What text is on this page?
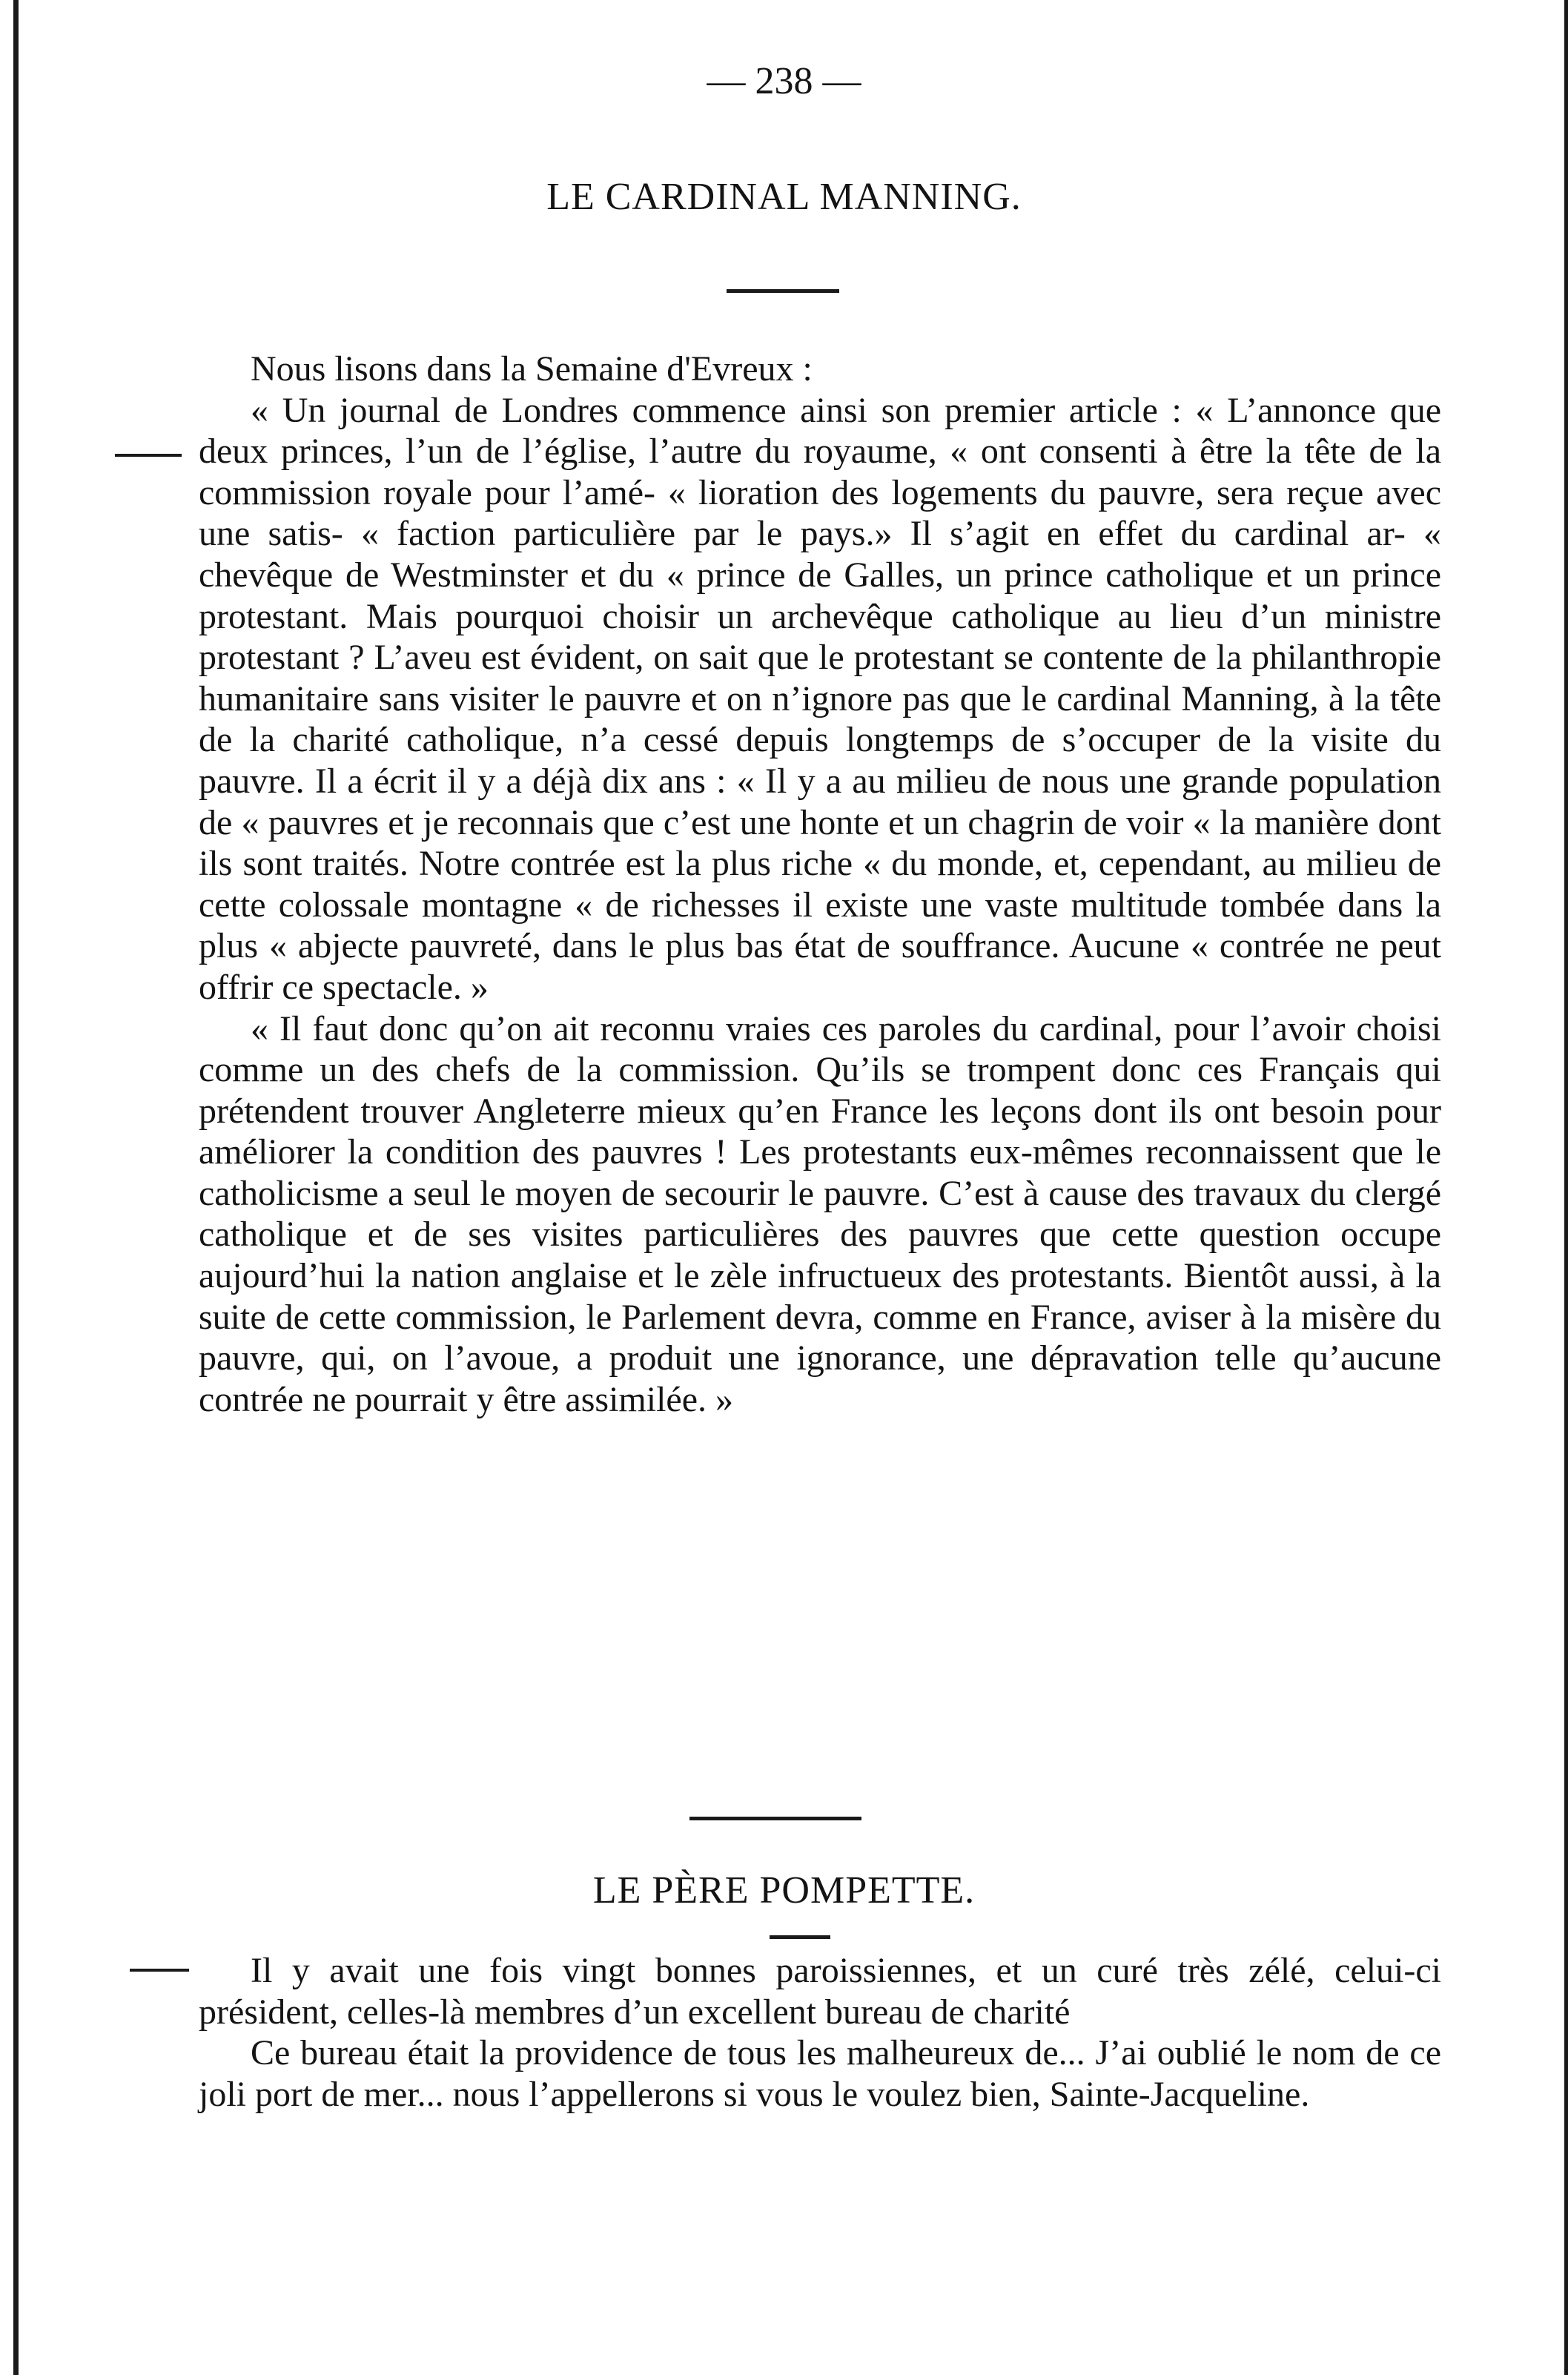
— 238 —
LE CARDINAL MANNING.

Nous lisons dans la Semaine d'Evreux :

« Un journal de Londres commence ainsi son premier article : « L’annonce que deux princes, l’un de l’église, l’autre du royaume, « ont consenti à être la tête de la commission royale pour l’amé- « lioration des logements du pauvre, sera reçue avec une satis- « faction particulière par le pays.» Il s’agit en effet du cardinal ar- « chevêque de Westminster et du « prince de Galles, un prince catholique et un prince protestant. Mais pourquoi choisir un archevêque catholique au lieu d’un ministre protestant ? L’aveu est évident, on sait que le protestant se contente de la philanthropie humanitaire sans visiter le pauvre et on n’ignore pas que le cardinal Manning, à la tête de la charité catholique, n’a cessé depuis longtemps de s’occuper de la visite du pauvre. Il a écrit il y a déjà dix ans : « Il y a au milieu de nous une grande population de « pauvres et je reconnais que c’est une honte et un chagrin de voir « la manière dont ils sont traités. Notre contrée est la plus riche « du monde, et, cependant, au milieu de cette colossale montagne « de richesses il existe une vaste multitude tombée dans la plus « abjecte pauvreté, dans le plus bas état de souffrance. Aucune « contrée ne peut offrir ce spectacle. »

« Il faut donc qu’on ait reconnu vraies ces paroles du cardinal, pour l’avoir choisi comme un des chefs de la commission. Qu’ils se trompent donc ces Français qui prétendent trouver Angleterre mieux qu’en France les leçons dont ils ont besoin pour améliorer la condition des pauvres ! Les protestants eux-mêmes reconnaissent que le catholicisme a seul le moyen de secourir le pauvre. C’est à cause des travaux du clergé catholique et de ses visites particulières des pauvres que cette question occupe aujourd’hui la nation anglaise et le zèle infructueux des protestants. Bientôt aussi, à la suite de cette commission, le Parlement devra, comme en France, aviser à la misère du pauvre, qui, on l’avoue, a produit une ignorance, une dépravation telle qu’aucune contrée ne pourrait y être assimilée. »

LE PÈRE POMPETTE.

Il y avait une fois vingt bonnes paroissiennes, et un curé très zélé, celui-ci président, celles-là membres d’un excellent bureau de charité

Ce bureau était la providence de tous les malheureux de... J’ai oublié le nom de ce joli port de mer... nous l’appellerons si vous le voulez bien, Sainte-Jacqueline.
